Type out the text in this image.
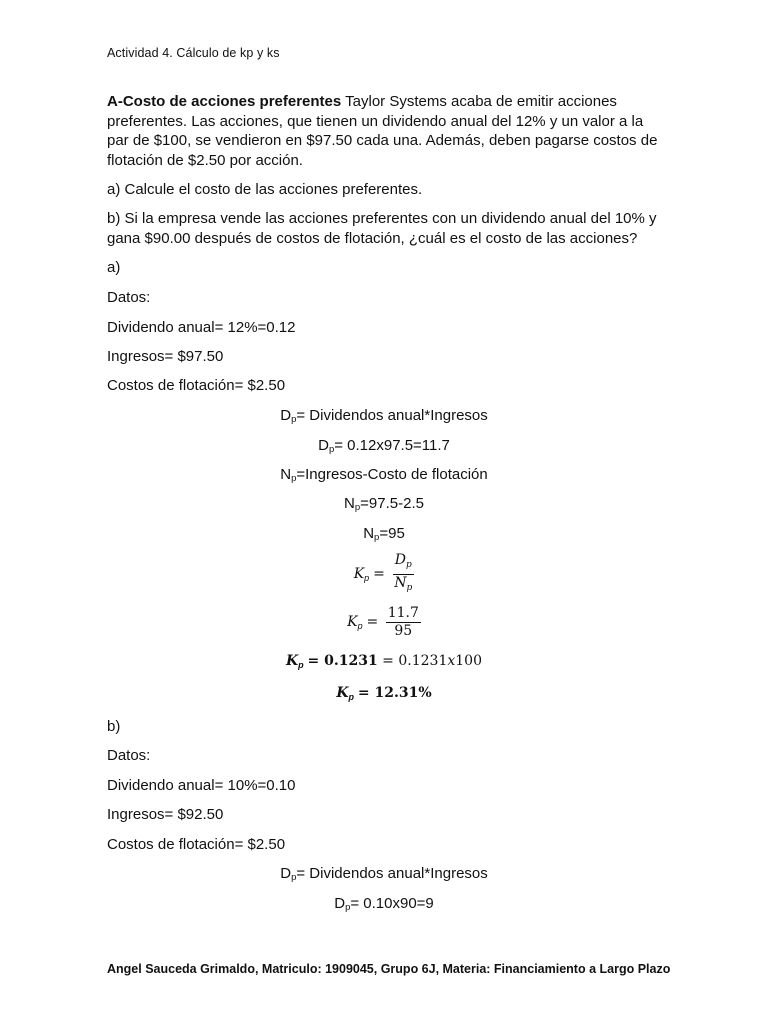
Actividad 4. Cálculo de kp y ks
A-Costo de acciones preferentes Taylor Systems acaba de emitir acciones preferentes. Las acciones, que tienen un dividendo anual del 12% y un valor a la par de $100, se vendieron en $97.50 cada una. Además, deben pagarse costos de flotación de $2.50 por acción.
a) Calcule el costo de las acciones preferentes.
b) Si la empresa vende las acciones preferentes con un dividendo anual del 10% y gana $90.00 después de costos de flotación, ¿cuál es el costo de las acciones?
a)
Datos:
Dividendo anual= 12%=0.12
Ingresos= $97.50
Costos de flotación= $2.50
$D_p=$ Dividendos anual*Ingresos
$D_p= 0.12x97.5=11.7$
$N_p=Ingresos$-Costo de flotación
$N_p=97.5-2.5$
$N_p=95$
$K_p = \frac{D_p}{N_p}$
$K_p = \frac{11.7}{95}$
$K_p = 0.1231 = 0.1231x100$
$K_p = 12.31\%$
b)
Datos:
Dividendo anual= 10%=0.10
Ingresos= $92.50
Costos de flotación= $2.50
$D_p=$ Dividendos anual*Ingresos
$D_p= 0.10x90=9$
Angel Sauceda Grimaldo, Matriculo: 1909045, Grupo 6J, Materia: Financiamiento a Largo Plazo
